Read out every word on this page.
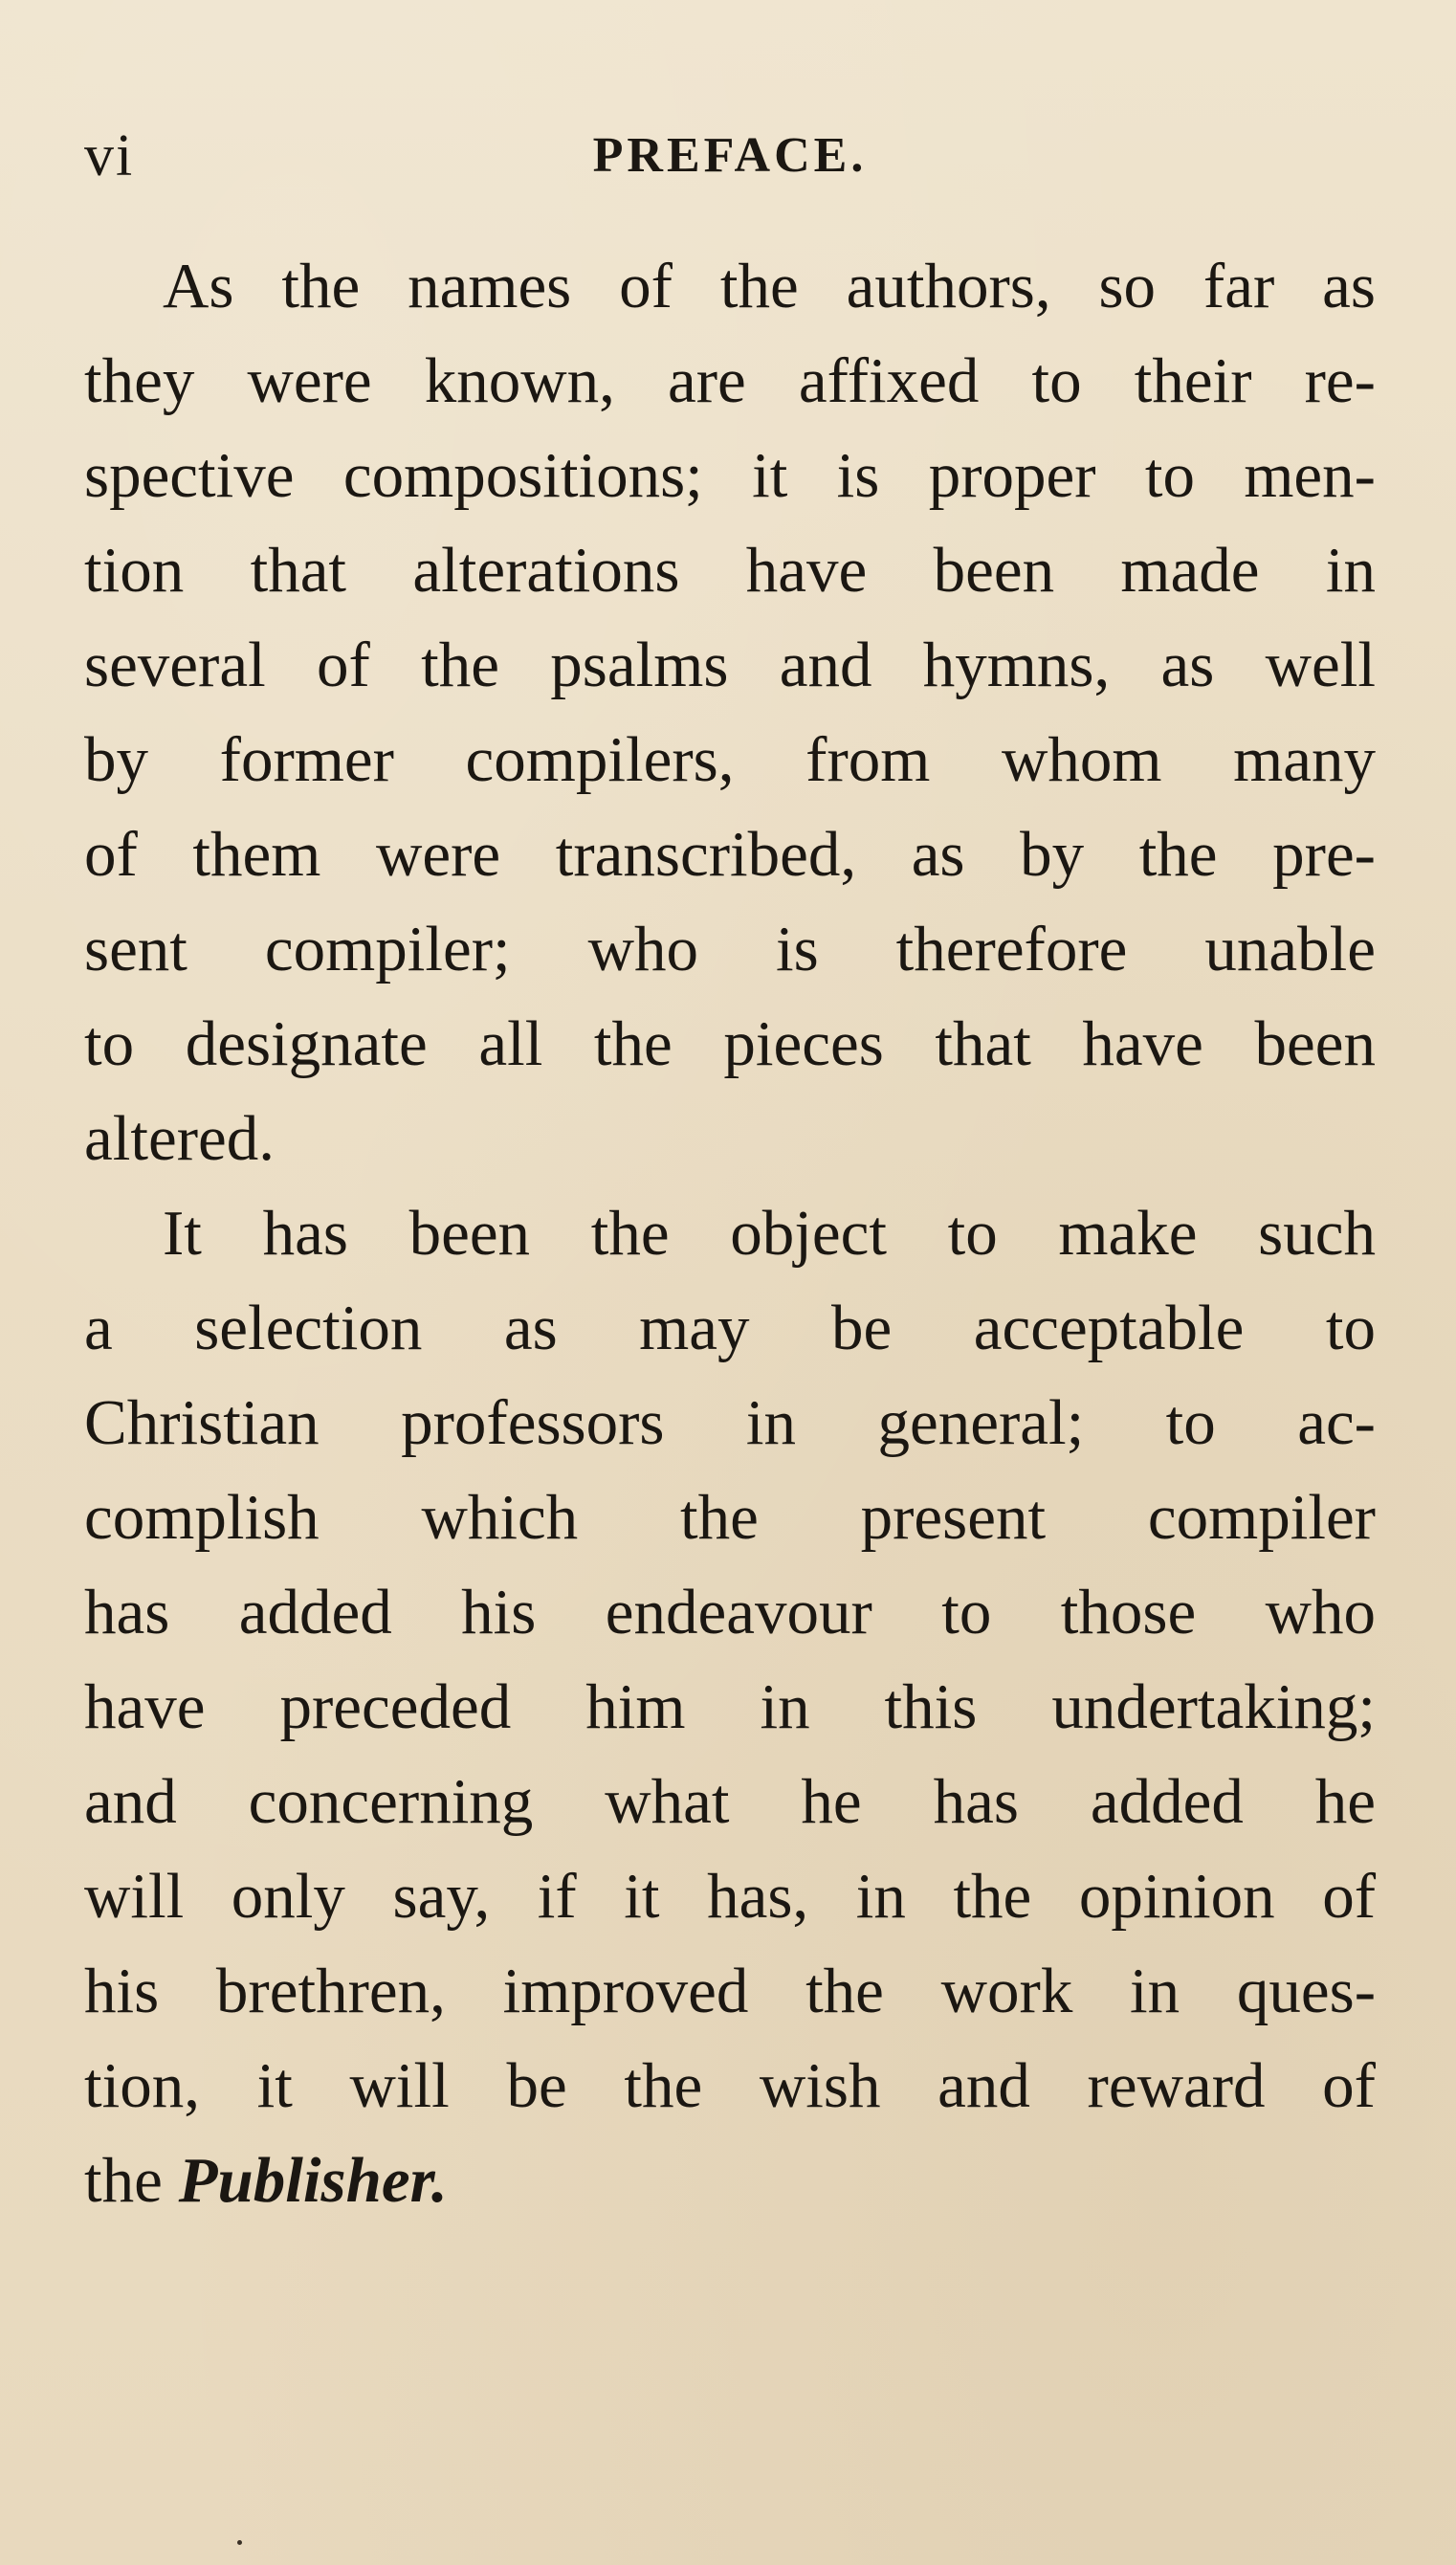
vi	PREFACE.
As the names of the authors, so far as
they were known, are affixed to their re-
spective compositions; it is proper to men-
tion that alterations have been made in
several of the psalms and hymns, as well
by former compilers, from whom many
of them were transcribed, as by the pre-
sent compiler; who is therefore unable
to designate all the pieces that have been
altered.
It has been the object to make such
a selection as may be acceptable to
Christian professors in general; to ac-
complish which the present compiler
has added his endeavour to those who
have preceded him in this undertaking;
and concerning what he has added he
will only say, if it has, in the opinion of
his brethren, improved the work in ques-
tion, it will be the wish and reward of
the Publisher.
